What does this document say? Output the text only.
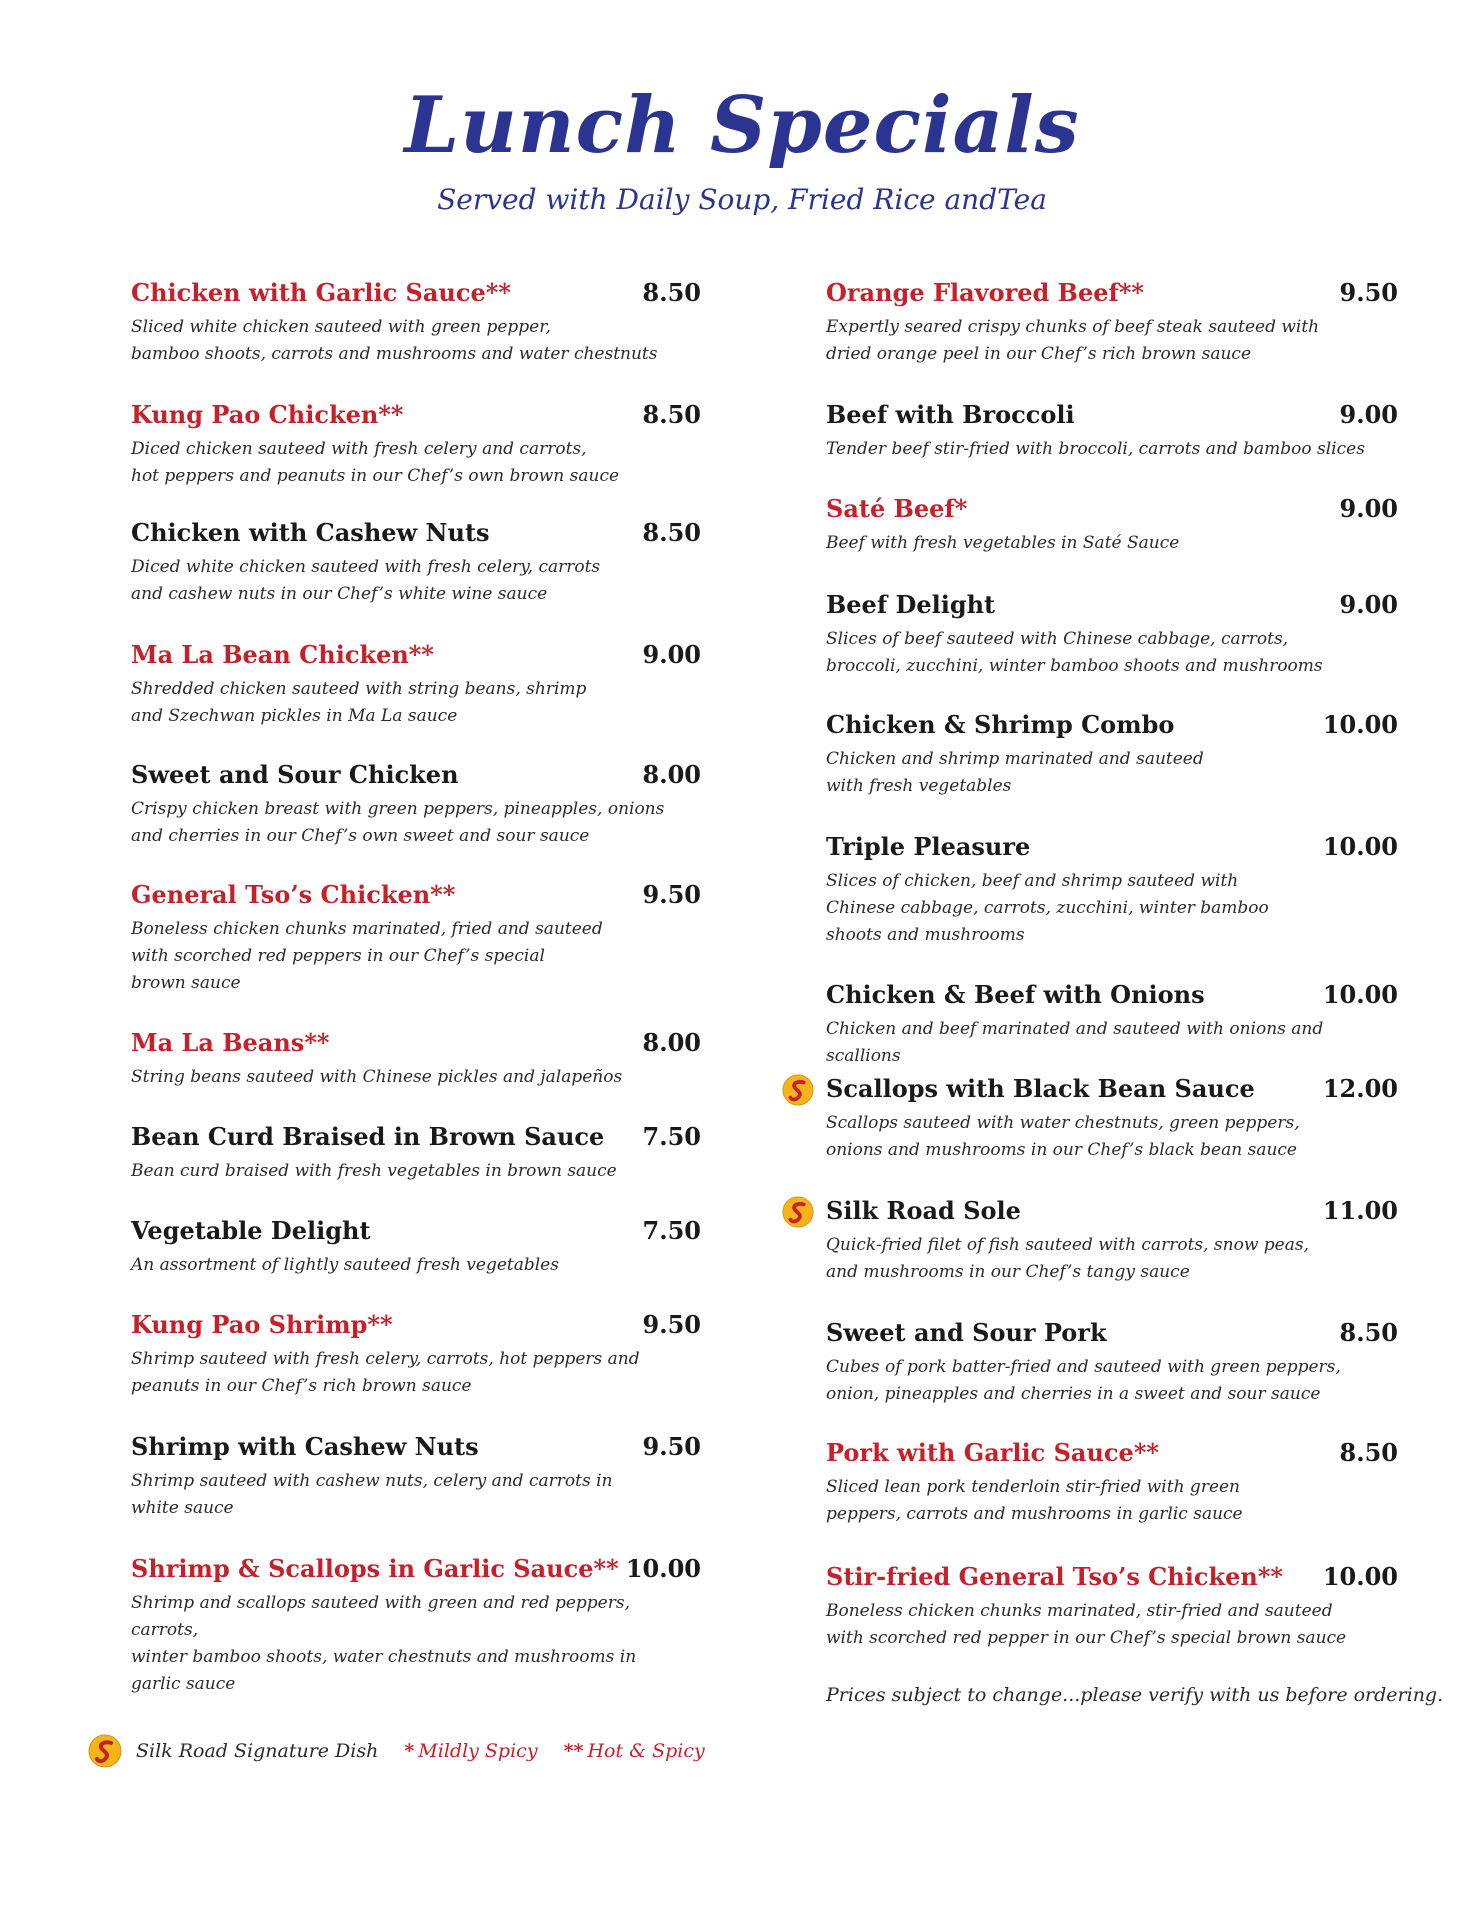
Lunch Specials
Served with Daily Soup, Fried Rice andTea
Chicken with Garlic Sauce**	8.50
Sliced white chicken sauteed with green pepper,
bamboo shoots, carrots and mushrooms and water chestnuts
Kung Pao Chicken**	8.50
Diced chicken sauteed with fresh celery and carrots,
hot peppers and peanuts in our Chef’s own brown sauce
Chicken with Cashew Nuts	8.50
Diced white chicken sauteed with fresh celery, carrots
and cashew nuts in our Chef’s white wine sauce
Ma La Bean Chicken**	9.00
Shredded chicken sauteed with string beans, shrimp
and Szechwan pickles in Ma La sauce
Sweet and Sour Chicken	8.00
Crispy chicken breast with green peppers, pineapples, onions
and cherries in our Chef’s own sweet and sour sauce
General Tso’s Chicken**	9.50
Boneless chicken chunks marinated, fried and sauteed
with scorched red peppers in our Chef’s special
brown sauce
Ma La Beans**	8.00
String beans sauteed with Chinese pickles and jalapeños
Bean Curd Braised in Brown Sauce 7.50
Bean curd braised with fresh vegetables in brown sauce
Vegetable Delight	7.50
An assortment of lightly sauteed fresh vegetables
Kung Pao Shrimp**	9.50
Shrimp sauteed with fresh celery, carrots, hot peppers and
peanuts in our Chef’s rich brown sauce
Shrimp with Cashew Nuts	9.50
Shrimp sauteed with cashew nuts, celery and carrots in
white sauce
Shrimp & Scallops in Garlic Sauce** 10.00
Shrimp and scallops sauteed with green and red peppers, carrots,
winter bamboo shoots, water chestnuts and mushrooms in
garlic sauce
Orange Flavored Beef**	9.50
Expertly seared crispy chunks of beef steak sauteed with
dried orange peel in our Chef’s rich brown sauce
Beef with Broccoli	9.00
Tender beef stir-fried with broccoli, carrots and bamboo slices
Saté Beef*	9.00
Beef with fresh vegetables in Saté Sauce
Beef Delight	9.00
Slices of beef sauteed with Chinese cabbage, carrots,
broccoli, zucchini, winter bamboo shoots and mushrooms
Chicken & Shrimp Combo	10.00
Chicken and shrimp marinated and sauteed
with fresh vegetables
Triple Pleasure	10.00
Slices of chicken, beef and shrimp sauteed with
Chinese cabbage, carrots, zucchini, winter bamboo
shoots and mushrooms
Chicken & Beef with Onions	10.00
Chicken and beef marinated and sauteed with onions and scallions
Scallops with Black Bean Sauce	12.00
Scallops sauteed with water chestnuts, green peppers,
onions and mushrooms in our Chef’s black bean sauce
Silk Road Sole	11.00
Quick-fried filet of fish sauteed with carrots, snow peas,
and mushrooms in our Chef’s tangy sauce
Sweet and Sour Pork	8.50
Cubes of pork batter-fried and sauteed with green peppers,
onion, pineapples and cherries in a sweet and sour sauce
Pork with Garlic Sauce**	8.50
Sliced lean pork tenderloin stir-fried with green
peppers, carrots and mushrooms in garlic sauce
Stir-fried General Tso’s Chicken** 10.00
Boneless chicken chunks marinated, stir-fried and sauteed
with scorched red pepper in our Chef’s special brown sauce
Prices subject to change...please verify with us before ordering.
Silk Road Signature Dish * Mildly Spicy ** Hot & Spicy
